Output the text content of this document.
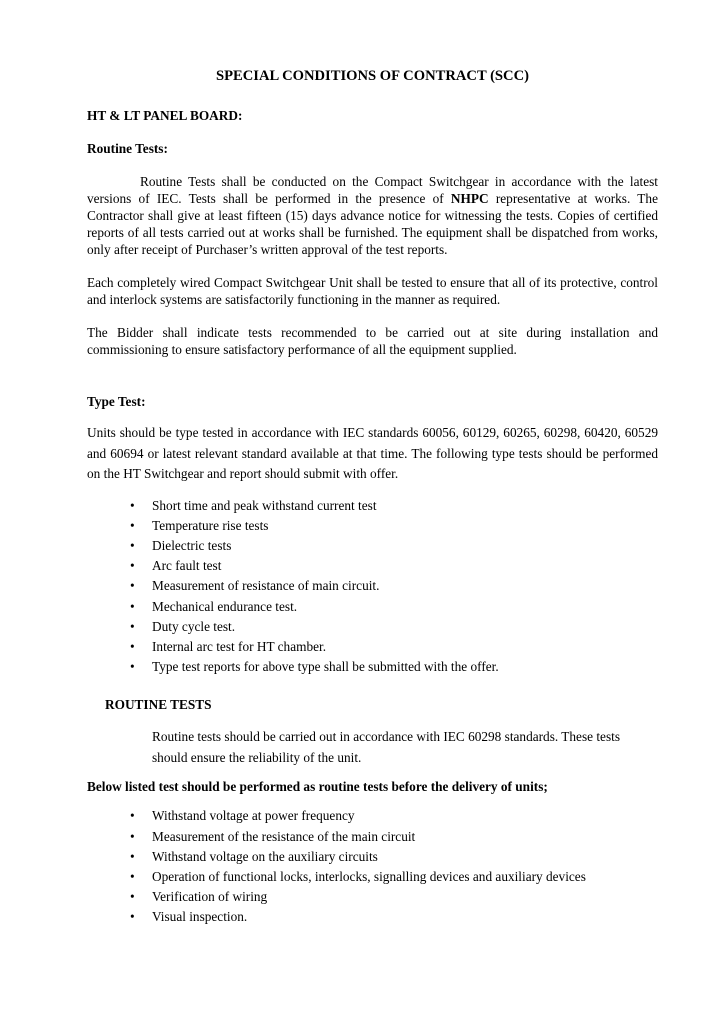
SPECIAL CONDITIONS OF CONTRACT (SCC)
HT & LT PANEL BOARD:
Routine Tests:

Routine Tests shall be conducted on the Compact Switchgear in accordance with the latest versions of IEC. Tests shall be performed in the presence of NHPC representative at works. The Contractor shall give at least fifteen (15) days advance notice for witnessing the tests. Copies of certified reports of all tests carried out at works shall be furnished. The equipment shall be dispatched from works, only after receipt of Purchaser’s written approval of the test reports.

Each completely wired Compact Switchgear Unit shall be tested to ensure that all of its protective, control and interlock systems are satisfactorily functioning in the manner as required.

The Bidder shall indicate tests recommended to be carried out at site during installation and commissioning to ensure satisfactory performance of all the equipment supplied.

Type Test:

Units should be type tested in accordance with IEC standards 60056, 60129, 60265, 60298, 60420, 60529 and 60694 or latest relevant standard available at that time. The following type tests should be performed on the HT Switchgear and report should submit with offer.

• Short time and peak withstand current test
• Temperature rise tests
• Dielectric tests
• Arc fault test
• Measurement of resistance of main circuit.
• Mechanical endurance test.
• Duty cycle test.
• Internal arc test for HT chamber.
• Type test reports for above type shall be submitted with the offer.
ROUTINE TESTS

Routine tests should be carried out in accordance with IEC 60298 standards. These tests should ensure the reliability of the unit.

Below listed test should be performed as routine tests before the delivery of units;
• Withstand voltage at power frequency
• Measurement of the resistance of the main circuit
• Withstand voltage on the auxiliary circuits
• Operation of functional locks, interlocks, signalling devices and auxiliary devices
• Verification of wiring
• Visual inspection.
